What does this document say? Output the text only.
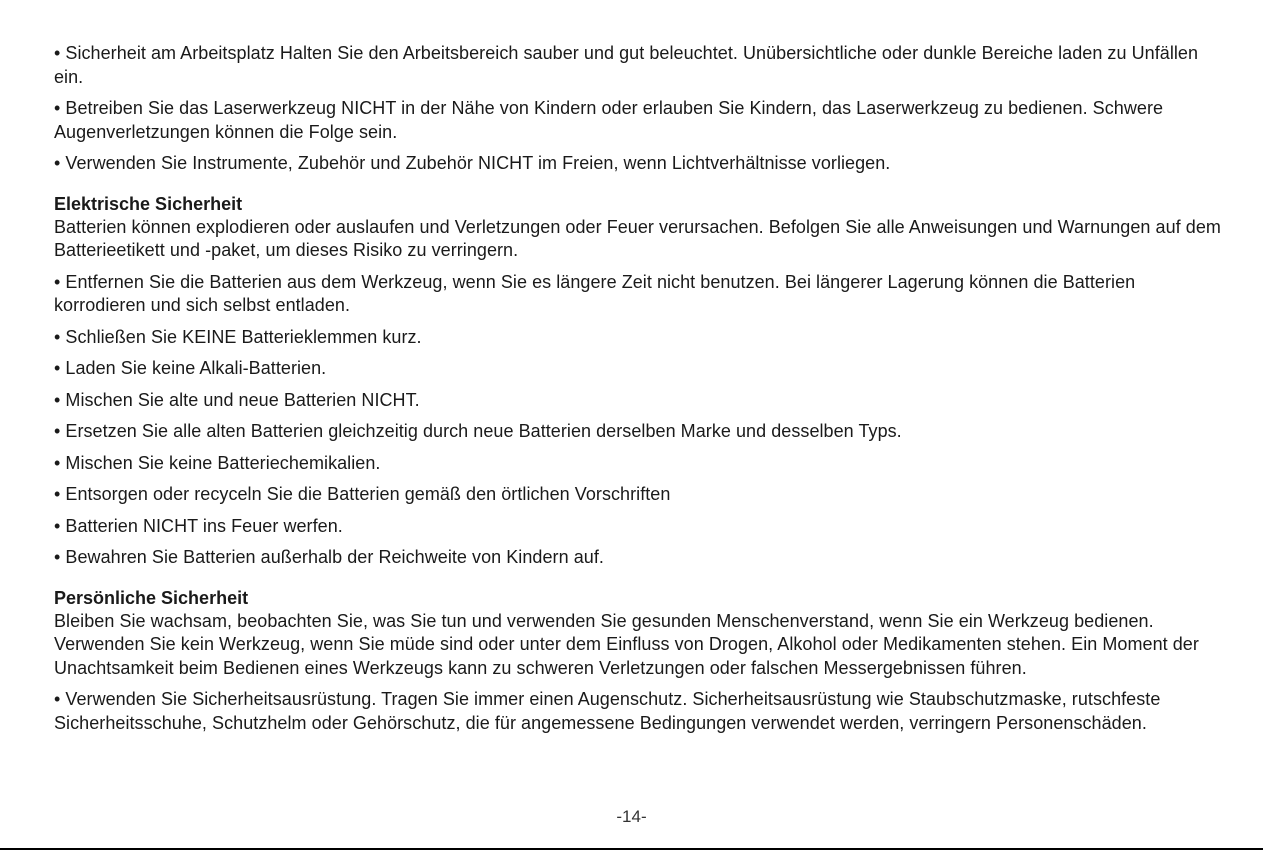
• Sicherheit am Arbeitsplatz Halten Sie den Arbeitsbereich sauber und gut beleuchtet. Unübersichtliche oder dunkle Bereiche laden zu Unfällen ein.

• Betreiben Sie das Laserwerkzeug NICHT in der Nähe von Kindern oder erlauben Sie Kindern, das Laserwerkzeug zu bedienen. Schwere Augenverletzungen können die Folge sein.

• Verwenden Sie Instrumente, Zubehör und Zubehör NICHT im Freien, wenn Lichtverhältnisse vorliegen.

Elektrische Sicherheit

Batterien können explodieren oder auslaufen und Verletzungen oder Feuer verursachen. Befolgen Sie alle Anweisungen und Warnungen auf dem Batterieetikett und -paket, um dieses Risiko zu verringern.

• Entfernen Sie die Batterien aus dem Werkzeug, wenn Sie es längere Zeit nicht benutzen. Bei längerer Lagerung können die Batterien korrodieren und sich selbst entladen.

• Schließen Sie KEINE Batterieklemmen kurz.

• Laden Sie keine Alkali-Batterien.

• Mischen Sie alte und neue Batterien NICHT.

• Ersetzen Sie alle alten Batterien gleichzeitig durch neue Batterien derselben Marke und desselben Typs.

• Mischen Sie keine Batteriechemikalien.

• Entsorgen oder recyceln Sie die Batterien gemäß den örtlichen Vorschriften

• Batterien NICHT ins Feuer werfen.

• Bewahren Sie Batterien außerhalb der Reichweite von Kindern auf.

Persönliche Sicherheit

Bleiben Sie wachsam, beobachten Sie, was Sie tun und verwenden Sie gesunden Menschenverstand, wenn Sie ein Werkzeug bedienen. Verwenden Sie kein Werkzeug, wenn Sie müde sind oder unter dem Einfluss von Drogen, Alkohol oder Medikamenten stehen. Ein Moment der Unachtsamkeit beim Bedienen eines Werkzeugs kann zu schweren Verletzungen oder falschen Messergebnissen führen.

• Verwenden Sie Sicherheitsausrüstung. Tragen Sie immer einen Augenschutz. Sicherheitsausrüstung wie Staubschutzmaske, rutschfeste Sicherheitsschuhe, Schutzhelm oder Gehörschutz, die für angemessene Bedingungen verwendet werden, verringern Personenschäden.

-14-
